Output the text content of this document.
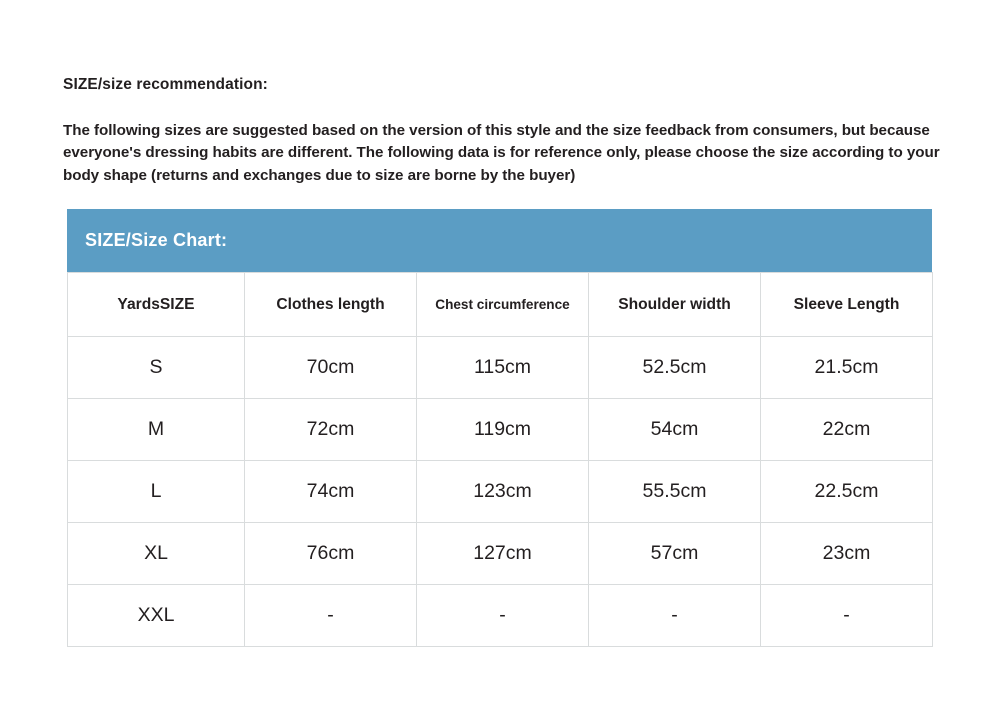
SIZE/size recommendation:
The following sizes are suggested based on the version of this style and the size feedback from consumers, but because everyone's dressing habits are different. The following data is for reference only, please choose the size according to your body shape (returns and exchanges due to size are borne by the buyer)
SIZE/Size Chart:
YardsSIZE	Clothes length	Chest circumference	Shoulder width	Sleeve Length
S	70cm	115cm	52.5cm	21.5cm
M	72cm	119cm	54cm	22cm
L	74cm	123cm	55.5cm	22.5cm
XL	76cm	127cm	57cm	23cm
XXL	-	-	-	-
